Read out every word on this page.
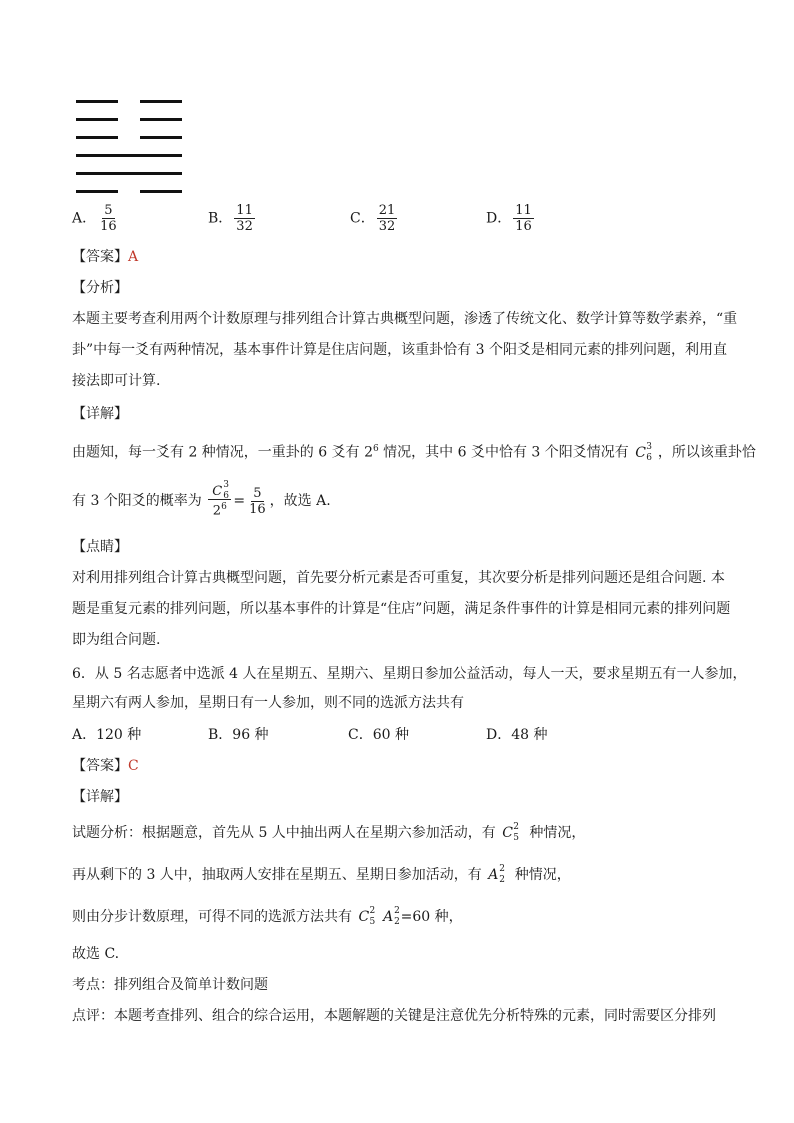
A． $\frac{5}{16}$	B． $\frac{11}{32}$	C． $\frac{21}{32}$	D． $\frac{11}{16}$
【答案】A
【分析】
本题主要考查利用两个计数原理与排列组合计算古典概型问题，渗透了传统文化、数学计算等数学素养，“重
卦”中每一爻有两种情况，基本事件计算是住店问题，该重卦恰有 3 个阳爻是相同元素的排列问题，利用直
接法即可计算.
【详解】
由题知，每一爻有 2 种情况，一重卦的 6 爻有 $2^6$ 情况，其中 6 爻中恰有 3 个阳爻情况有 C 3
6 ，所以该重卦恰
有 3 个阳爻的概率为 C 3
6

$2^6 = \frac{5}{16}$ ，故选 A.
【点睛】
对利用排列组合计算古典概型问题，首先要分析元素是否可重复，其次要分析是排列问题还是组合问题. 本
题是重复元素的排列问题，所以基本事件的计算是“住店”问题，满足条件事件的计算是相同元素的排列问题
即为组合问题.
6．从 5 名志愿者中选派 4 人在星期五、星期六、星期日参加公益活动，每人一天，要求星期五有一人参加，
星期六有两人参加，星期日有一人参加，则不同的选派方法共有
A．120 种	B．96 种	C．60 种	D．48 种
【答案】C
【详解】
试题分析：根据题意，首先从 5 人中抽出两人在星期六参加活动，有 C 2
5 种情况，
再从剩下的 3 人中，抽取两人安排在星期五、星期日参加活动，有 A 2
2 种情况，
则由分步计数原理，可得不同的选派方法共有 C 2
5 A 2
2 =60 种，
故选 C.
考点：排列组合及简单计数问题
点评：本题考查排列、组合的综合运用，本题解题的关键是注意优先分析特殊的元素，同时需要区分排列
